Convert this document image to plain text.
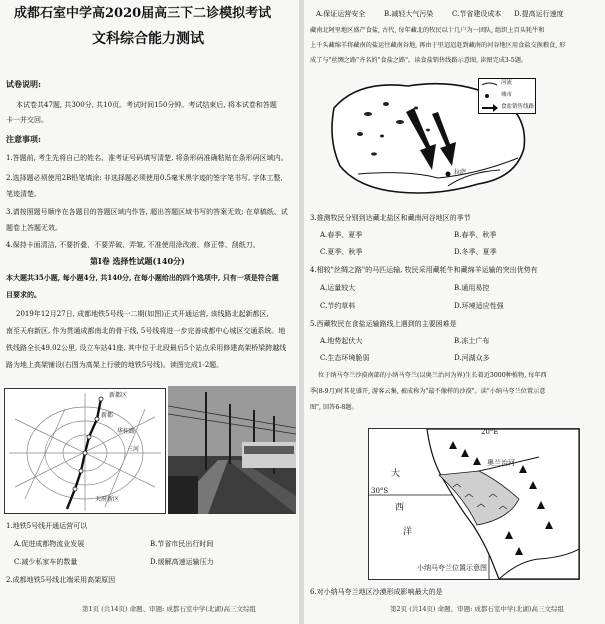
成都石室中学高2020届高三下二诊模拟考试
文科综合能力测试
试卷说明:
本试卷共47题, 共300分, 共10页。考试时间150分钟。考试结束后, 将本试卷和答题
卡一并交回。
注意事项:
1.答题前, 考生先将自己的姓名、准考证号码填写清楚, 将条形码准确粘贴在条形码区域内。
2.选择题必须使用2B铅笔填涂; 非选择题必须使用0.5毫米黑字迹的签字笔书写, 字体工整,
笔迹清楚。
3.请按照题号顺序在各题目的答题区域内作答, 超出答题区域书写的答案无效; 在草稿纸、试
题卷上答题无效。
4.保持卡面清洁, 不要折叠、不要弄破、弄皱, 不准使用涂改液、修正带、刮纸刀。
第Ⅰ卷 选择性试题(140分)
本大题共35小题, 每小题4分, 共140分, 在每小题给出的四个选项中, 只有一项是符合题
目要求的。
2019年12月27日, 成都地铁5号线一二期(如图)正式开通运营, 该线路北起新都区,
南至天府新区, 作为贯通成都南北的骨干线, 5号线将进一步完善成都中心城区交通系统。地
铁线路全长49.02公里, 设立车站41座, 其中位于北段最后5个站点采用修建高架桥梁跨越线
路为地上高架铺设(右图为高架上行驶的地铁5号线)。读图完成1-2题。
新都区
新都
华桂路
三河
天府新区
1.地铁5号线开通运营可以
A.促进成都物流业发展	B.节省市民出行时间
C.减少私家车的数量	D.缓解高速运输压力
2.成都地铁5号线北端采用高架原因
第1页 (共14页) 命题、审题: 成都石室中学(北湖)高三文综组
A.保证运营安全	B.减轻大气污染	C.节省建设成本 D.提高运行速度
藏南北阿里地区盛产食盐, 古代, 每年藏北的牧民以十几户为一团队, 组织上百头牦牛和
上千头藏绵羊将藏南的盐运往藏南谷地, 再由于里迢迢赶到藏南的河谷地区用食盐交换粮食, 形
成了与"丝绸之路"齐名的"食盐之路"。读食盐销售线路示意图, 读图完成3-5题。
拉萨
河流
城市
食盐销售线路
3.推测牧民分别到达藏北盐区和藏南河谷地区的季节
A.春季、夏季	B.春季、秋季
C.夏季、秋季	D.冬季、夏季
4.相较"丝绸之路"的马匹运输, 牧民采用藏牦牛和藏绵羊运输的突出优势有
A.运量较大	B.通用易控
C.节约草料	D.环境适应性强
5.西藏牧民在食盐运输路线上遇到的主要困难是
A.地势起伏大	B.冻土广布
C.生态环境脆弱	D.河湖众多
位于纳马夸兰沙漠南部的小纳马夸兰(以奥兰治河为界)生长着近3000种植物, 每年西
季(8-9月)时其花盛开, 游客云集, 被成称为"最不像样的沙漠"。读"小纳马夸兰位置示意
图", 回答6-8题。
20°E
30°S
奥兰治河
大
西
洋
小纳马夸兰位置示意图
6.对小纳马夸兰地区沙漠形成影响最大的是
第2页 (共14页) 命题、审题: 成都石室中学(北湖)高三文综组
